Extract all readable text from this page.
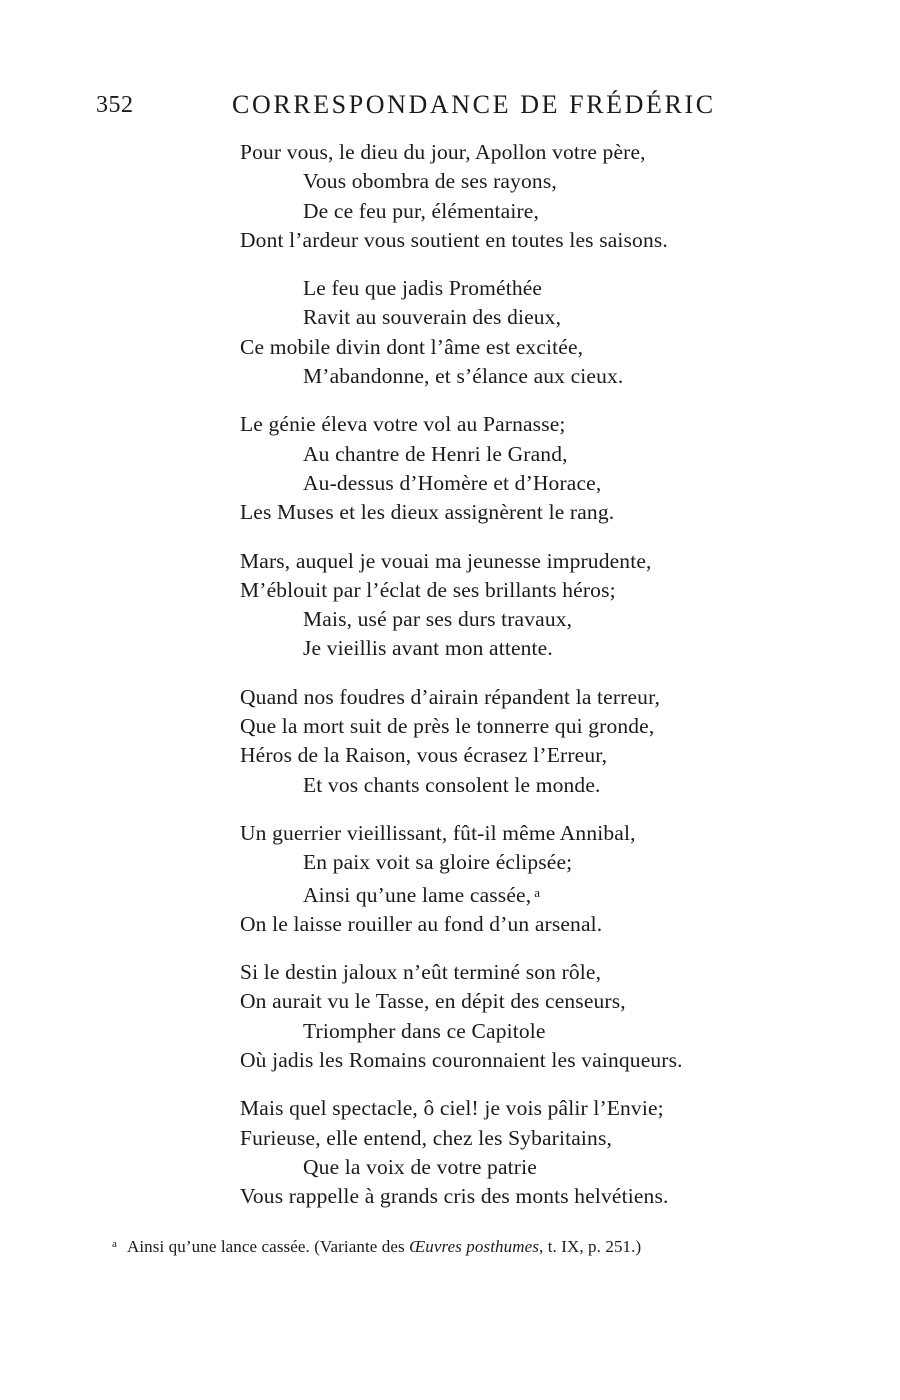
352	CORRESPONDANCE DE FRÉDÉRIC
Pour vous, le dieu du jour, Apollon votre père,
Vous obombra de ses rayons,
De ce feu pur, élémentaire,
Dont l’ardeur vous soutient en toutes les saisons.
Le feu que jadis Prométhée
Ravit au souverain des dieux,
Ce mobile divin dont l’âme est excitée,
M’abandonne, et s’élance aux cieux.
Le génie éleva votre vol au Parnasse;
Au chantre de Henri le Grand,
Au-dessus d’Homère et d’Horace,
Les Muses et les dieux assignèrent le rang.
Mars, auquel je vouai ma jeunesse imprudente,
M’éblouit par l’éclat de ses brillants héros;
Mais, usé par ses durs travaux,
Je vieillis avant mon attente.
Quand nos foudres d’airain répandent la terreur,
Que la mort suit de près le tonnerre qui gronde,
Héros de la Raison, vous écrasez l’Erreur,
Et vos chants consolent le monde.
Un guerrier vieillissant, fût-il même Annibal,
En paix voit sa gloire éclipsée;
Ainsi qu’une lame cassée, $^a$
On le laisse rouiller au fond d’un arsenal.
Si le destin jaloux n’eût terminé son rôle,
On aurait vu le Tasse, en dépit des censeurs,
Triompher dans ce Capitole
Où jadis les Romains couronnaient les vainqueurs.
Mais quel spectacle, ô ciel! je vois pâlir l’Envie;
Furieuse, elle entend, chez les Sybaritains,
Que la voix de votre patrie
Vous rappelle à grands cris des monts helvétiens.
$^a$ Ainsi qu’une lance cassée. (Variante des Œuvres posthumes, t. IX, p. 251.)
